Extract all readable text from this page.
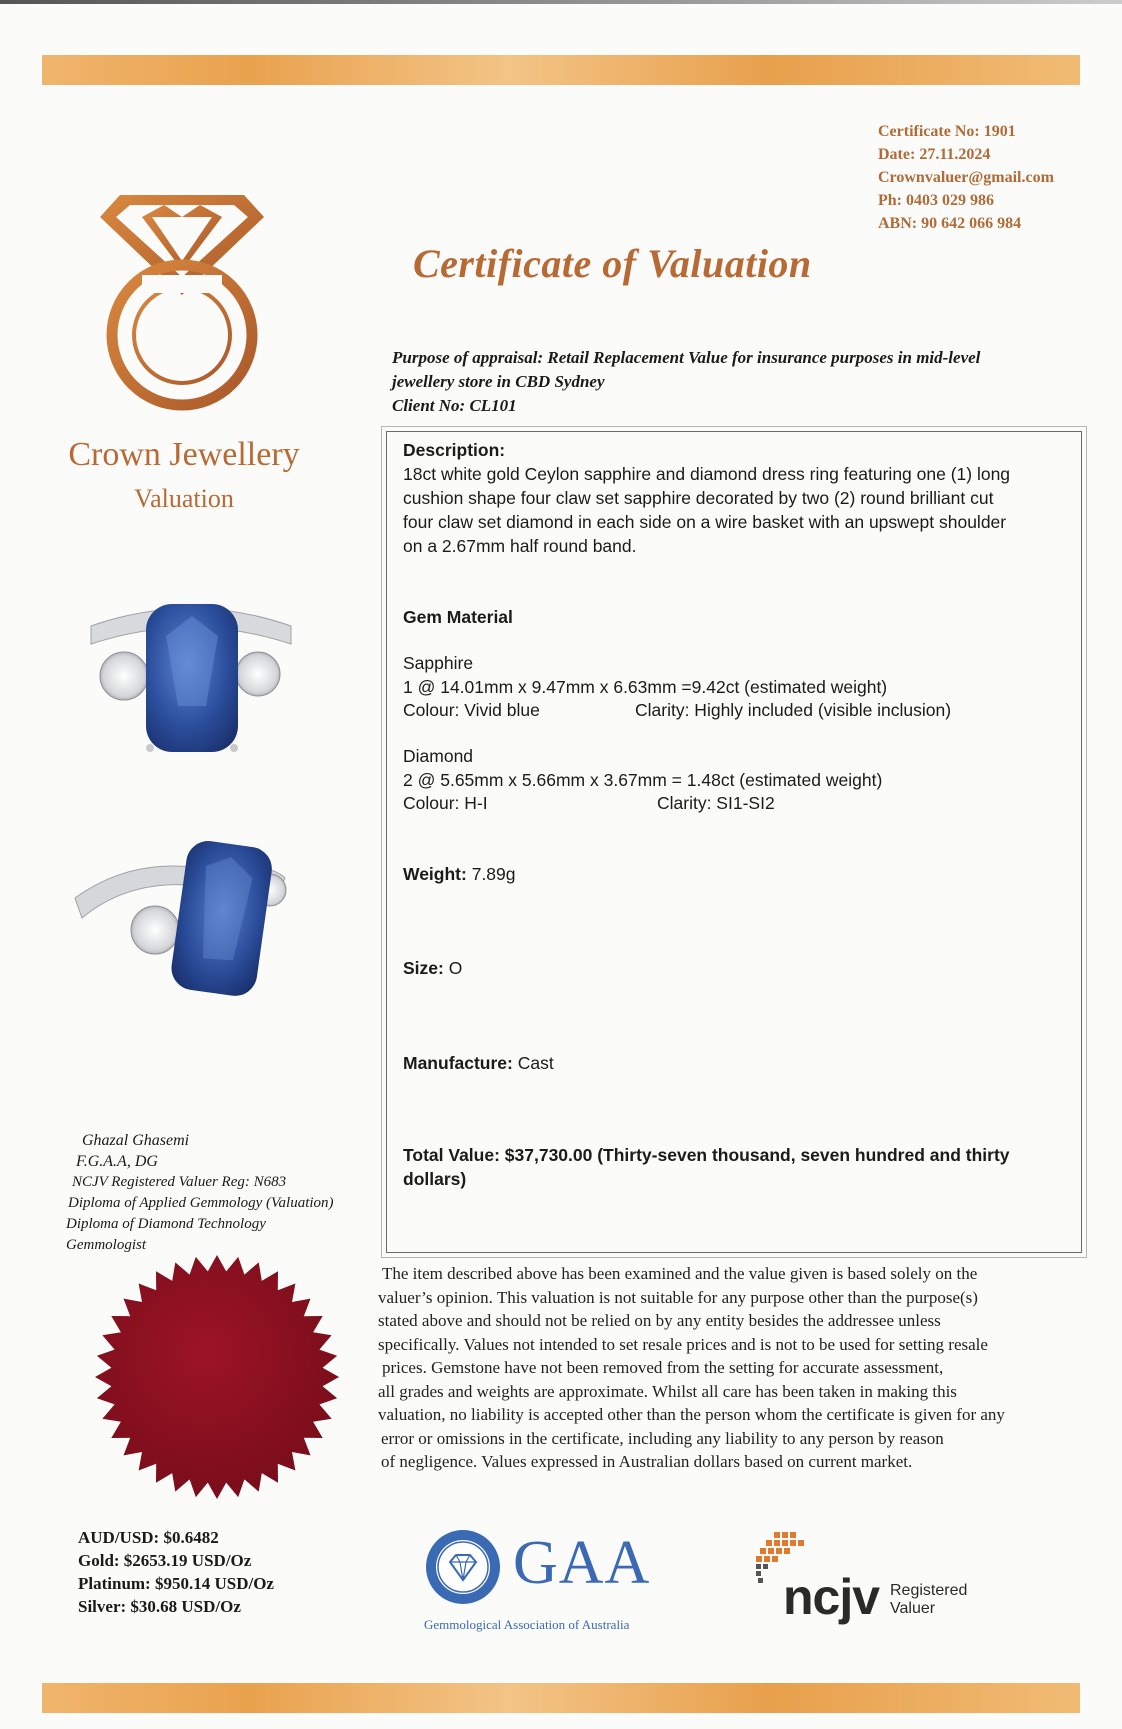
Certificate No: 1901
Date: 27.11.2024
Crownvaluer@gmail.com
Ph: 0403 029 986
ABN: 90 642 066 984
Certificate of Valuation
Crown Jewellery
Valuation
Ghazal Ghasemi
F.G.A.A, DG
NCJV Registered Valuer Reg: N683
Diploma of Applied Gemmology (Valuation)
Diploma of Diamond Technology
Gemmologist
AUD/USD: $0.6482
Gold: $2653.19 USD/Oz
Platinum: $950.14 USD/Oz
Silver: $30.68 USD/Oz
Purpose of appraisal: Retail Replacement Value for insurance purposes in mid-level
jewellery store in CBD Sydney
Client No: CL101
Description:
18ct white gold Ceylon sapphire and diamond dress ring featuring one (1) long
cushion shape four claw set sapphire decorated by two (2) round brilliant cut
four claw set diamond in each side on a wire basket with an upswept shoulder
on a 2.67mm half round band.
Gem Material
Sapphire
1 @ 14.01mm x 9.47mm x 6.63mm =9.42ct (estimated weight)
Colour: Vivid blue	Clarity: Highly included (visible inclusion)
Diamond
2 @ 5.65mm x 5.66mm x 3.67mm = 1.48ct (estimated weight)
Colour: H-I	Clarity: SI1-SI2
Weight: 7.89g
Size: O
Manufacture: Cast
Total Value: $37,730.00 (Thirty-seven thousand, seven hundred and thirty
dollars)
The item described above has been examined and the value given is based solely on the
valuer’s opinion. This valuation is not suitable for any purpose other than the purpose(s)
stated above and should not be relied on by any entity besides the addressee unless
specifically. Values not intended to set resale prices and is not to be used for setting resale
prices. Gemstone have not been removed from the setting for accurate assessment,
all grades and weights are approximate. Whilst all care has been taken in making this
valuation, no liability is accepted other than the person whom the certificate is given for any
error or omissions in the certificate, including any liability to any person by reason
of negligence. Values expressed in Australian dollars based on current market.
GAA
Gemmological Association of Australia	ncjv Registered
Valuer
